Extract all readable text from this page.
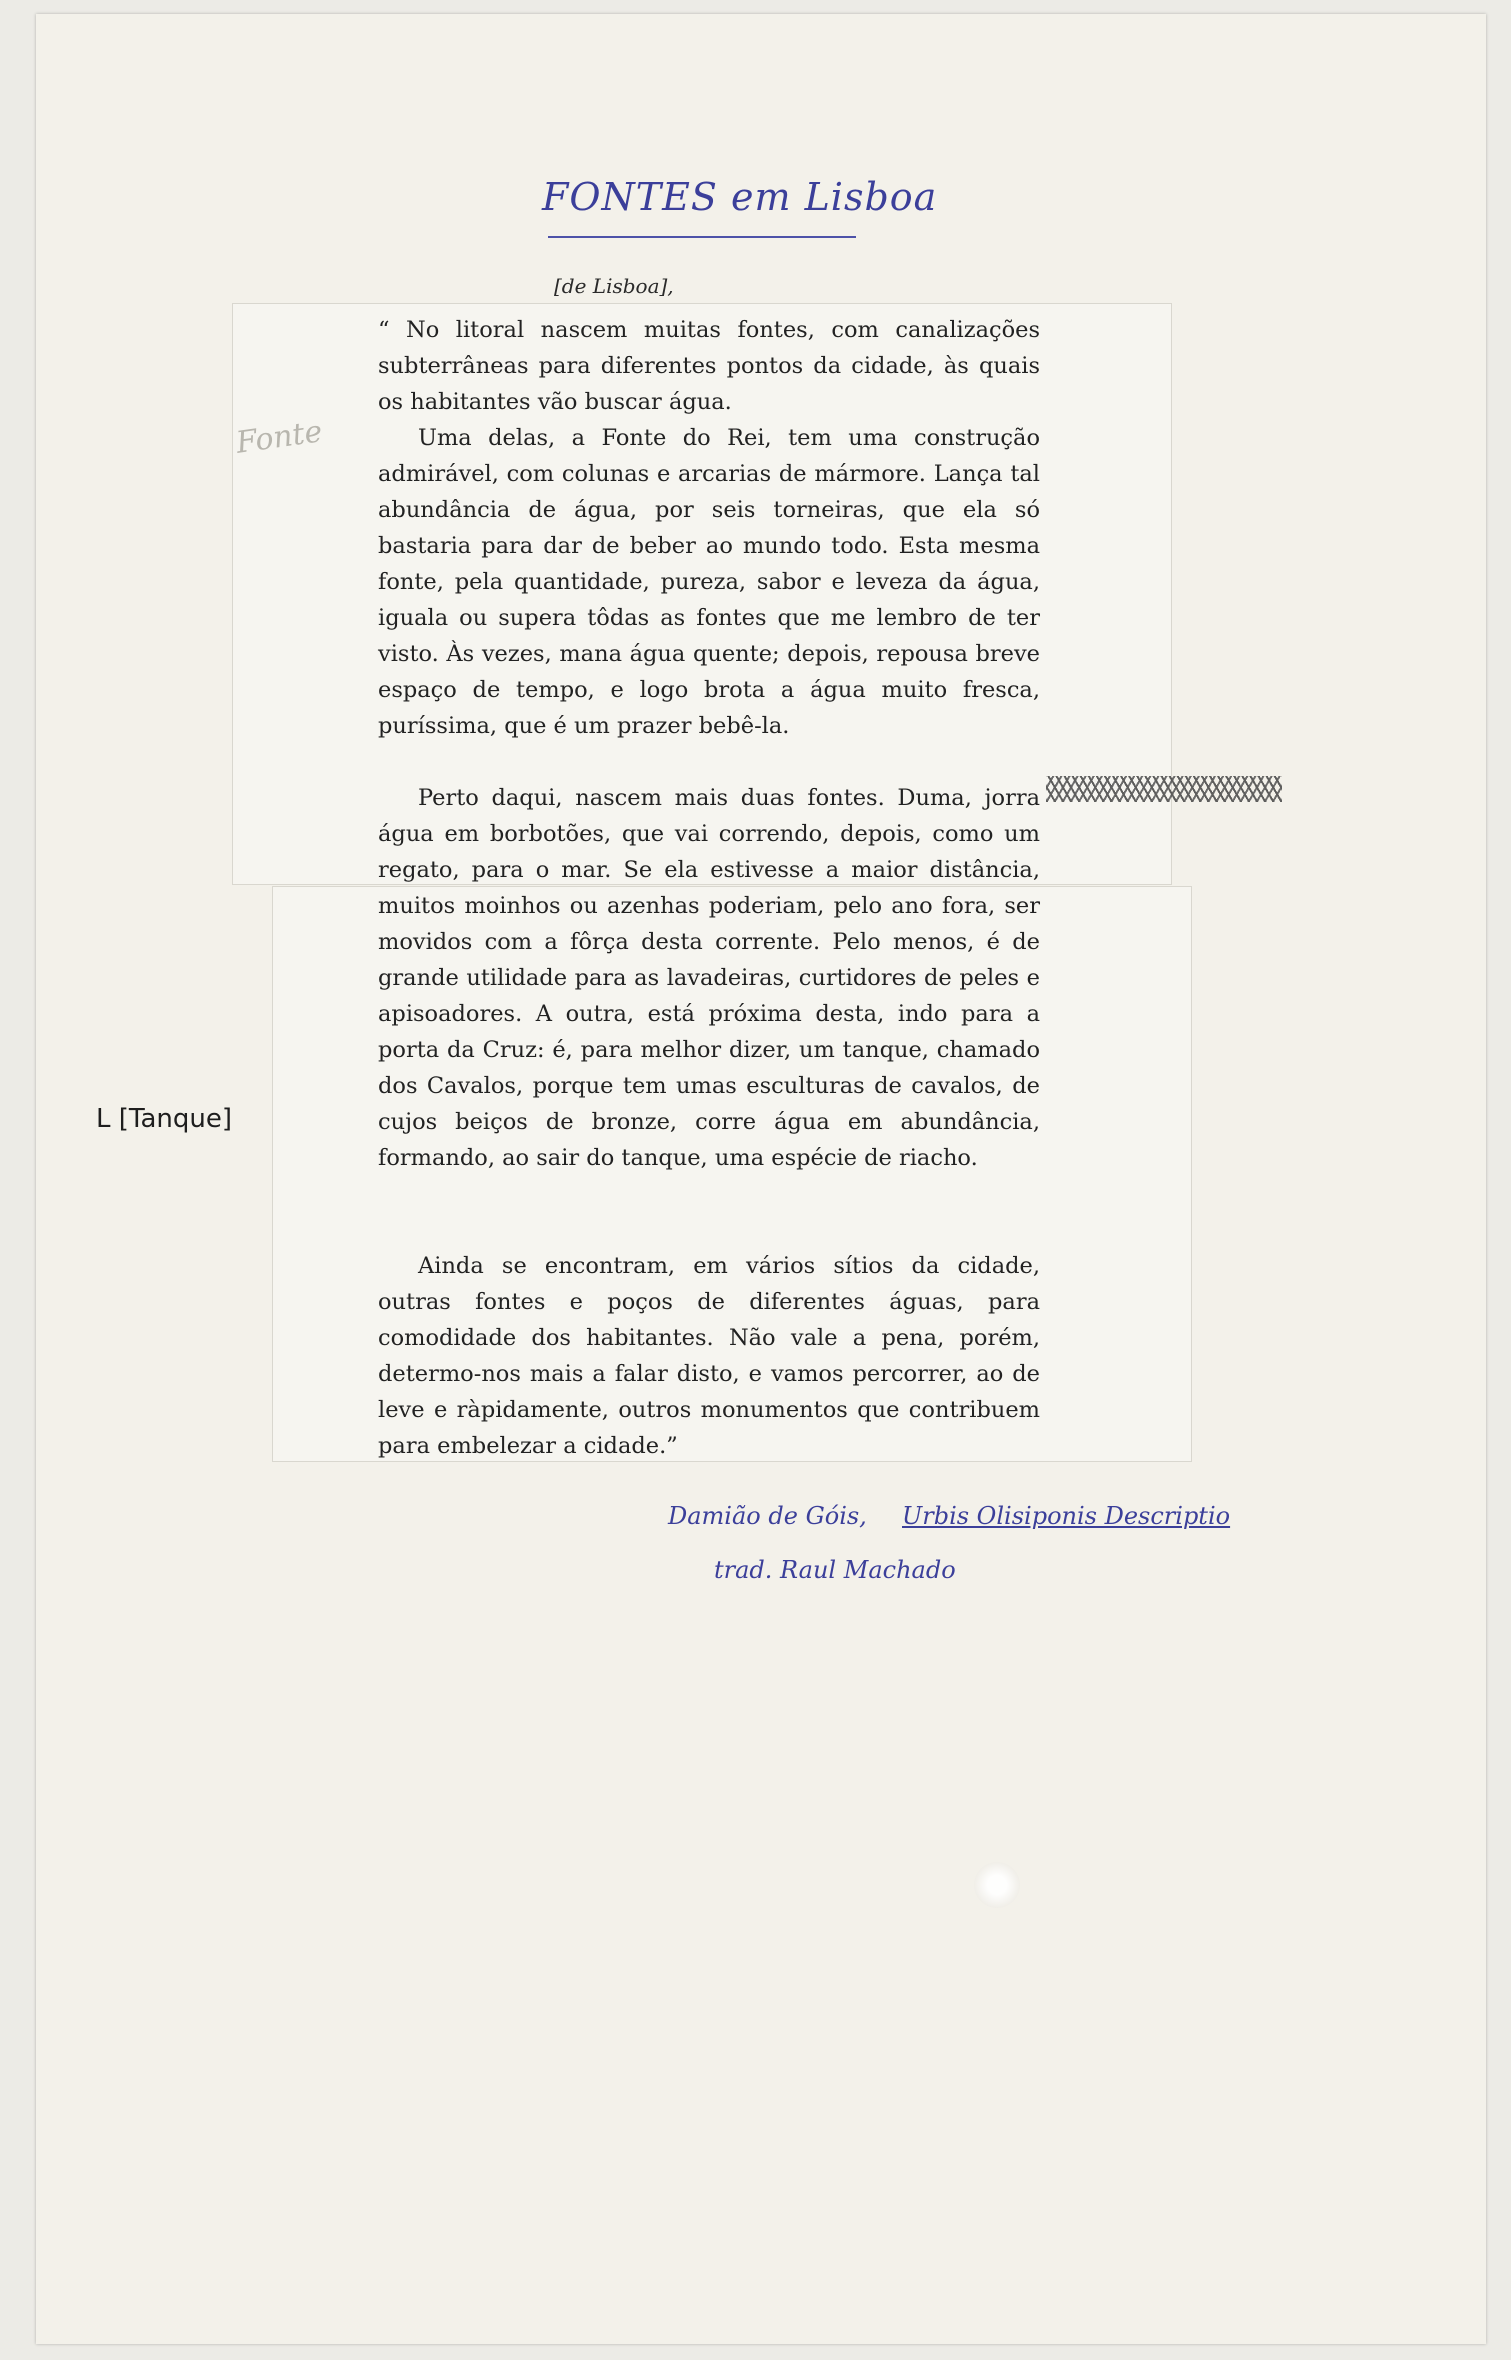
FONTES em Lisboa
[de Lisboa],
Fonte
L [Tanque]

“ No litoral nascem muitas fontes, com canalizações subterrâneas para diferentes pontos da cidade, às quais os habitantes vão buscar água.

Uma delas, a Fonte do Rei, tem uma construção admirável, com colunas e arcarias de mármore. Lança tal abundância de água, por seis torneiras, que ela só bastaria para dar de beber ao mundo todo. Esta mesma fonte, pela quantidade, pureza, sabor e leveza da água, iguala ou supera tôdas as fontes que me lembro de ter visto. Às vezes, mana água quente; depois, repousa breve espaço de tempo, e logo brota a água muito fresca, puríssima, que é um prazer bebê-la.

Perto daqui, nascem mais duas fontes. Duma, jorra água em borbotões, que vai correndo, depois, como um regato, para o mar. Se ela estivesse a maior distância, muitos moinhos ou azenhas poderiam, pelo ano fora, ser movidos com a fôrça desta corrente. Pelo menos, é de grande utilidade para as lavadeiras, curtidores de peles e apisoadores. A outra, está próxima desta, indo para a porta da Cruz: é, para melhor dizer, um tanque, chamado dos Cavalos, porque tem umas esculturas de cavalos, de cujos beiços de bronze, corre água em abundância, formando, ao sair do tanque, uma espécie de riacho.

Ainda se encontram, em vários sítios da cidade, outras fontes e poços de diferentes águas, para comodidade dos habitantes. Não vale a pena, porém, determo-nos mais a falar disto, e vamos percorrer, ao de leve e ràpidamente, outros monumentos que contribuem para embelezar a cidade.”

Damião de Góis, Urbis Olisiponis Descriptio
trad. Raul Machado
